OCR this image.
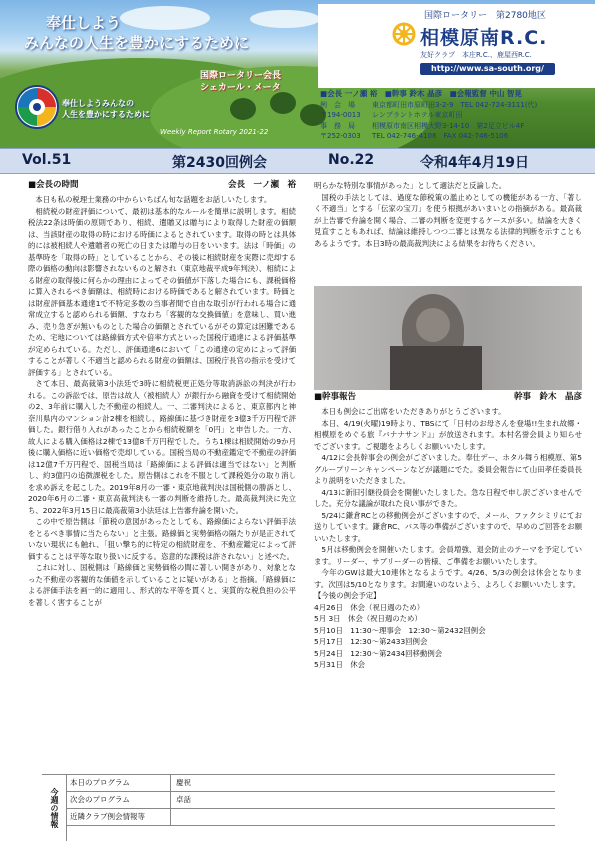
奉仕しよう
みんなの人生を豊かにするために
国際ロータリー会長
シェカール・メータ
奉仕しようみんなの
人生を豊かにするために
Weekly Report Rotary 2021-22
国際ロータリー　第2780地区
相模原南R.C.
友好クラブ　本庄R.C.、鹿屋西R.C.
http://www.sa-south.org/
■会長 一ノ瀬 裕　■幹事 鈴木 晶彦　■会報監督 中山 智晃
例　会　場 東京都町田市原町田3-2-9　TEL 042-724-3111(代)
〒194-0013 レンブラントホテル東京町田
事　務　局 相模原市南区相模大野3-14-10　第2足立ビル4F
〒252-0303 TEL 042-746-4108　FAX 042-746-5106
Vol.51	第2430回例会	No.22	令和4年4月19日
■会長の時間	会長　一ノ瀬　裕

本日も私の税理士業務の中からいちばん旬な話題をお話しいたします。

相続税の財産評価について、最初は基本的なルールを簡単に説明します。相続税法22条は時価の原則であり、相続、遺贈又は贈与により取得した財産の価額は、当該財産の取得の時における時価によるとされています。取得の時とは具体的には被相続人や遺贈者の死亡の日または贈与の日をいいます。法は「時価」の基準時を「取得の時」としていることから、その後に相続財産を実際に売却する際の価格の動向は影響されないものと解され（東京地裁平成9年判決）、相続による財産の取得後に何らかの理由によってその価値が下落した場合にも、課税価格に算入されるべき価額は、相続時における時価であると解されています。時価とは財産評価基本通達1で不特定多数の当事者間で自由な取引が行われる場合に通常成立すると認められる価額、すなわち「客観的な交換価値」を意味し、買い進み、売り急ぎが無いものとした場合の価額とされているがその算定は困難であるため、宅地については路線価方式や倍率方式といった国税庁通達による評価基準が定められている。ただし、評価通達6において「この通達の定めによって評価することが著しく不適当と認められる財産の価額は、国税庁長官の指示を受けて評価する」とされている。

さて本日、最高裁第3小法廷で3時に相続税更正処分等取消訴訟の判決が行われる。この訴訟では、原告は故人（被相続人）が銀行から融資を受けて相続開始の2、3年前に購入した不動産の相続人。一、二審判決によると、東京都内と神奈川県内のマンション計2棟を相続し、路線価に基づき財産を3億3千万円程で評価した。銀行借り入れがあったことから相続税額を「0円」と申告した。一方、故人による購入価格は2棟で13億8千万円程でした。うち1棟は相続開始の9か月後に購入価格に近い価格で売却している。国税当局の不動産鑑定で不動産の評価は12億7千万円程で、国税当局は「路線価による評価は適当ではない」と判断し、約3億円の追徴課税をした。原告側はこれを不服として課税処分の取り消しを求め訴えを起こした。2019年8月の一審・東京地裁判決は国税側の勝訴とし、2020年6月の二審・東京高裁判決も一審の判断を維持した。最高裁判決に先立ち、2022年3月15日に最高裁第3小法廷は上告審弁論を開いた。

この中で原告側は「節税の意図があったとしても、路線価によらない評価手法をとるべき事情に当たらない」と主張。路線価と実勢価格の隔たりが是正されていない現状にも触れ、「狙い撃ち的に特定の相続財産を、不動産鑑定によって評価することは平等な取り扱いに反する。恣意的な課税は許されない」と述べた。

これに対し、国税側は「路線価と実勢価格の間に著しい開きがあり、対象となった不動産の客観的な価値を示していることに疑いがある」と指摘。「路線価による評価手法を画一的に適用し、形式的な平等を貫くと、実質的な税負担の公平を著しく害することが

明らかな特別な事情があった」として適法だと反論した。

国税の手法としては、過度な節税策の濫止めとしての機能がある一方、「著しく不適当」とする「伝家の宝刀」を使う根拠があいまいとの指摘がある。最高裁が上告審で弁論を開く場合、二審の判断を変更するケースが多い。結論を大きく見直すこともあれば、結論は維持しつつ二審とは異なる法律的判断を示すこともあるようです。本日3時の最高裁判決による結果をお待ちください。

■幹事報告	幹事　鈴木　晶彦

本日も例会にご出席をいただきありがとうございます。

本日、4/19(火曜)19時より、TBSにて「日村のお母さんを登場!!生まれ故郷・相模原をめぐる旅『バナナサンド』」が放送されます。本村名誉会員より知らせでございます。ご視聴をよろしくお願いいたします。

4/12に会長幹事会の例会がございました。奉仕デー、ホタル舞う相模原、第5グループリーンキャンペーンなどが議題にでた。委員会報告にて山田孝任委員長より説明をいただきました。

4/13に新旧引継役員会を開催いたしました。急な日程で申し訳ございませんでした。充分な議論が取れた良い事ができた。

5/24に鎌倉RCとの移動例会がございますので、メール、ファクシミリにてお送りしています。鎌倉RC、バス等の準備がございますので、早めのご回答をお願いいたします。

5月は移動例会を開催いたします。会員増強、退会防止のテーマを予定しています。リーダー、サブリーダーの皆様、ご準備をお願いいたします。

今年のGWは最大10連休となるようです。4/26、5/3の例会は休会となります。次回は5/10となります。お間違いのないよう、よろしくお願いいたします。

【今後の例会予定】
4月26日　休会（祝日週のため）
5月 3日　休会（祝日週のため）
5月10日　11:30～理事会　12:30～第2432回例会
5月17日　12:30～第2433回例会
5月24日　12:30～第2434回移動例会
5月31日　休会
今週の情報
本日のプログラム	慶祝
次会のプログラム	卓話
近隣クラブ例会情報等
